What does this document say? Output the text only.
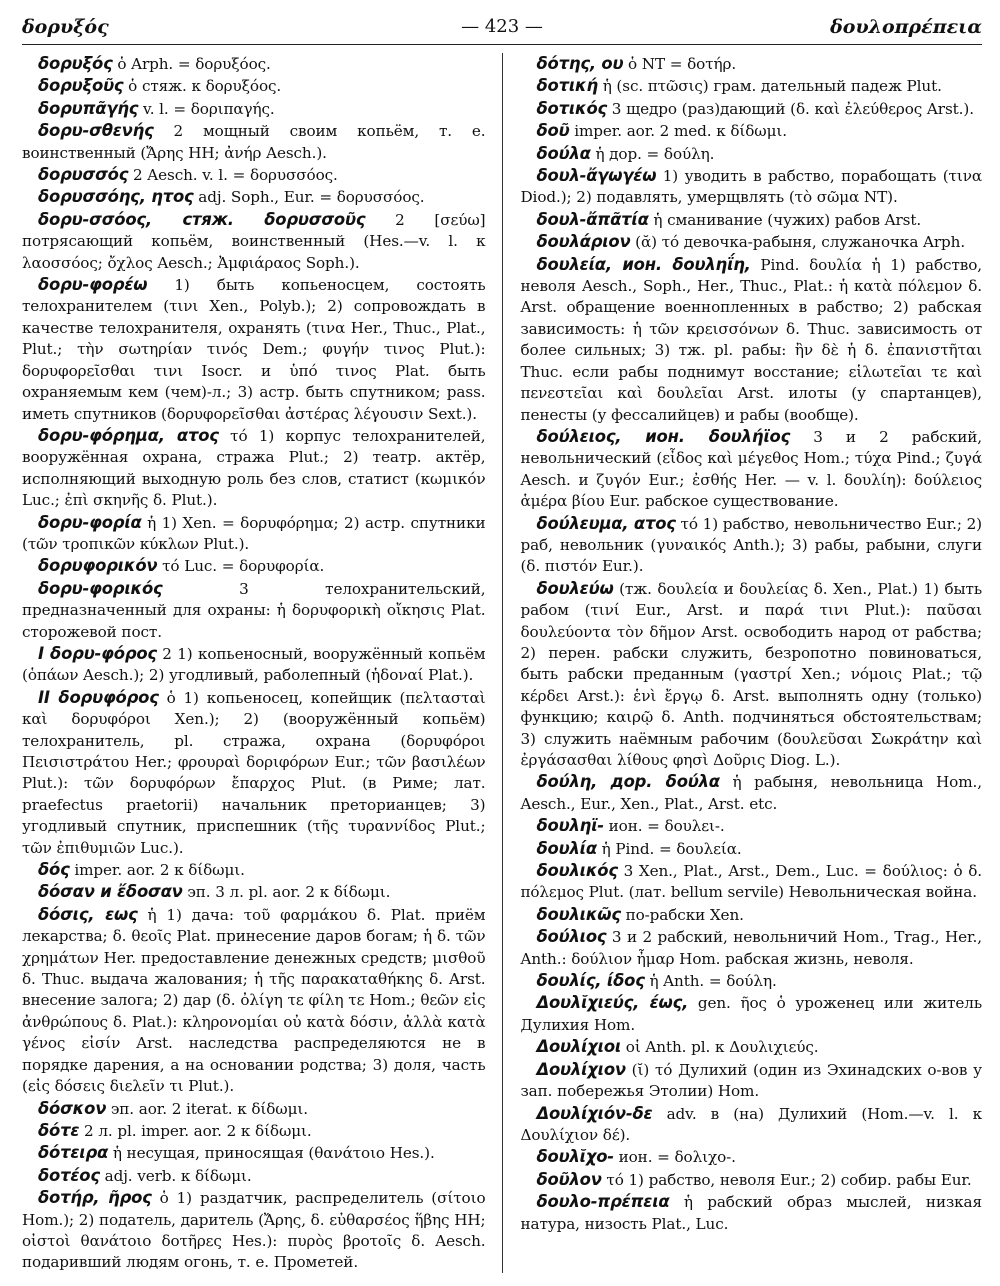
δορυξός	— 423 —	δουλοπρέπεια

δορυξός ὁ Arph. = δορυξόος.

δορυξοῦς ὁ стяж. к δορυξόος.

δορυπᾶγής v. l. = δοριπαγής.

δορυ-σθενής 2 мощный своим копьём, т. е. воинственный (Ἄρης HH; ἀνήρ Aesch.).

δορυσσός 2 Aesch. v. l. = δορυσσόος.

δορυσσόης, ητος adj. Soph., Eur. = δορυσσόος.

δορυ-σσόος, стяж. δορυσσοῦς 2 [σεύω] потрясающий копьём, воинственный (Hes.—v. l. к λαοσσόος; ὄχλος Aesch.; Ἀμφιάραος Soph.).

δορυ-φορέω 1) быть копьеносцем, состоять телохранителем (τινι Xen., Polyb.); 2) сопровождать в качестве телохранителя, охранять (τινα Her., Thuc., Plat., Plut.; τὴν σωτηρίαν τινός Dem.; φυγήν τινος Plut.): δορυφορεῖσθαι τινι Isocr. и ὑπό τινος Plat. быть охраняемым кем (чем)-л.; 3) астр. быть спутником; pass. иметь спутников (δορυφορεῖσθαι ἀστέρας λέγουσιν Sext.).

δορυ-φόρημα, ατος τό 1) корпус телохранителей, вооружённая охрана, стража Plut.; 2) театр. актёр, исполняющий выходную роль без слов, статист (κωμικόν Luc.; ἐπὶ σκηνῆς δ. Plut.).

δορυ-φορία ἡ 1) Xen. = δορυφόρημα; 2) астр. спутники (τῶν τροπικῶν κύκλων Plut.).

δορυφορικόν τό Luc. = δορυφορία.

δορυ-φορικός 3 телохранительский, предназначенный для охраны: ἡ δορυφορικὴ οἴκησις Plat. сторожевой пост.

I δορυ-φόρος 2 1) копьеносный, вооружённый копьём (ὁπάων Aesch.); 2) угодливый, раболепный (ἡδοναί Plat.).

II δορυφόρος ὁ 1) копьеносец, копейщик (πελτασταὶ καὶ δορυφόροι Xen.); 2) (вооружённый копьём) телохранитель, pl. стража, охрана (δορυφόροι Πεισιστράτου Her.; φρουραὶ δοριφόρων Eur.; τῶν βασιλέων Plut.): τῶν δορυφόρων ἔπαρχος Plut. (в Риме; лат. praefectus praetorii) начальник преторианцев; 3) угодливый спутник, приспешник (τῆς τυραννίδος Plut.; τῶν ἐπιθυμιῶν Luc.).

δός imper. aor. 2 к δίδωμι.

δόσαν и ἔδοσαν эп. 3 л. pl. aor. 2 к δίδωμι.

δόσις, εως ἡ 1) дача: τοῦ φαρμάκου δ. Plat. приём лекарства; δ. θεοῖς Plat. принесение даров богам; ἡ δ. τῶν χρημάτων Her. предоставление денежных средств; μισθοῦ δ. Thuc. выдача жалования; ἡ τῆς παρακαταθήκης δ. Arst. внесение залога; 2) дар (δ. ὀλίγη τε φίλη τε Hom.; θεῶν εἰς ἀνθρώπους δ. Plat.): κληρονομίαι οὐ κατὰ δόσιν, ἀλλὰ κατὰ γένος εἰσίν Arst. наследства распределяются не в порядке дарения, а на основании родства; 3) доля, часть (εἰς δόσεις διελεῖν τι Plut.).

δόσκον эп. aor. 2 iterat. к δίδωμι.

δότε 2 л. pl. imper. aor. 2 к δίδωμι.

δότειρα ἡ несущая, приносящая (θανάτοιο Hes.).

δοτέος adj. verb. к δίδωμι.

δοτήρ, ῆρος ὁ 1) раздатчик, распределитель (σίτοιο Hom.); 2) податель, даритель (Ἄρης, δ. εὐθαρσέος ἥβης HH; οἰστοὶ θανάτοιο δοτῆρες Hes.): πυρὸς βροτοῖς δ. Aesch. подаривший людям огонь, т. е. Прометей.

δότης, ου ὁ NT = δοτήρ.

δοτική ἡ (sc. πτῶσις) грам. дательный падеж Plut.

δοτικός 3 щедро (раз)дающий (δ. καὶ ἐλεύθερος Arst.).

δοῦ imper. aor. 2 med. к δίδωμι.

δούλα ἡ дор. = δούλη.

δουλ-ἄγωγέω 1) уводить в рабство, порабощать (τινα Diod.); 2) подавлять, умерщвлять (τὸ σῶμα NT).

δουλ-ἄπᾶτία ἡ сманивание (чужих) рабов Arst.

δουλάριον (ᾰ) τό девочка-рабыня, служаночка Arph.

δουλεία, ион. δουληΐη, Pind. δουλία ἡ 1) рабство, неволя Aesch., Soph., Her., Thuc., Plat.: ἡ κατὰ πόλεμον δ. Arst. обращение военнопленных в рабство; 2) рабская зависимость: ἡ τῶν κρεισσόνων δ. Thuc. зависимость от более сильных; 3) тж. pl. рабы: ἢν δὲ ἡ δ. ἐπανιστῆται Thuc. если рабы поднимут восстание; εἱλωτεῖαι τε καὶ πενεστεῖαι καὶ δουλεῖαι Arst. илоты (у спартанцев), пенесты (у фессалийцев) и рабы (вообще).

δούλειος, ион. δουλήϊος 3 и 2 рабский, невольнический (εἶδος καὶ μέγεθος Hom.; τύχα Pind.; ζυγά Aesch. и ζυγόν Eur.; ἐσθής Her. — v. l. δουλίη): δούλειος ἁμέρα βίου Eur. рабское существование.

δούλευμα, ατος τό 1) рабство, невольничество Eur.; 2) раб, невольник (γυναικός Anth.); 3) рабы, рабыни, слуги (δ. πιστόν Eur.).

δουλεύω (тж. δουλεία и δουλείας δ. Xen., Plat.) 1) быть рабом (τινί Eur., Arst. и παρά τινι Plut.): παῦσαι δουλεύοντα τὸν δῆμον Arst. освободить народ от рабства; 2) перен. рабски служить, безропотно повиноваться, быть рабски преданным (γαστρί Xen.; νόμοις Plat.; τῷ κέρδει Arst.): ἑνὶ ἔργῳ δ. Arst. выполнять одну (только) функцию; καιρῷ δ. Anth. подчиняться обстоятельствам; 3) служить наёмным рабочим (δουλεῦσαι Σωκράτην καὶ ἐργάσασθαι λίθους φησὶ Δοῦρις Diog. L.).

δούλη, дор. δούλα ἡ рабыня, невольница Hom., Aesch., Eur., Xen., Plat., Arst. etc.

δουληϊ- ион. = δουλει-.

δουλία ἡ Pind. = δουλεία.

δουλικός 3 Xen., Plat., Arst., Dem., Luc. = δούλιος: ὁ δ. πόλεμος Plut. (лат. bellum servile) Невольническая война.

δουλικῶς по-рабски Xen.

δούλιος 3 и 2 рабский, невольничий Hom., Trag., Her., Anth.: δούλιον ἦμαρ Hom. рабская жизнь, неволя.

δουλίς, ίδος ἡ Anth. = δούλη.

Δουλῐχιεύς, έως, gen. ῆος ὁ уроженец или житель Дулихия Hom.

Δουλίχιοι οἱ Anth. pl. к Δουλιχιεύς.

Δουλίχιον (ῐ) τό Дулихий (один из Эхинадских о-вов у зап. побережья Этолии) Hom.

Δουλίχιόν-δε adv. в (на) Дулихий (Hom.—v. l. к Δουλίχιον δέ).

δουλῐχο- ион. = δολιχο-.

δοῦλον τό 1) рабство, неволя Eur.; 2) собир. рабы Eur.

δουλο-πρέπεια ἡ рабский образ мыслей, низкая натура, низость Plat., Luc.
